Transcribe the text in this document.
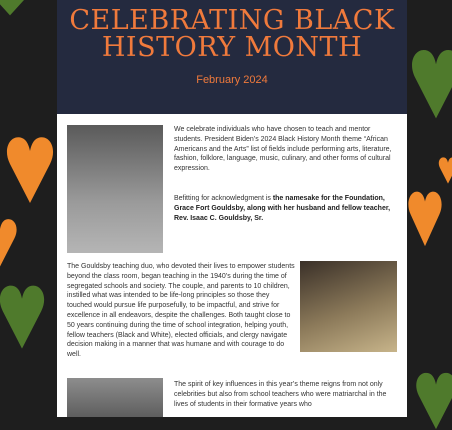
CELEBRATING BLACK
HISTORY MONTH
February 2024
We celebrate individuals who have chosen to teach and mentor students. President Biden’s 2024 Black History Month theme “African Americans and the Arts” list of fields include performing arts, literature, fashion, folklore, language, music, culinary, and other forms of cultural expression.
Befitting for acknowledgment is the namesake for the Foundation, Grace Fort Gouldsby, along with her husband and fellow teacher, Rev. Isaac C. Gouldsby, Sr.
The Gouldsby teaching duo, who devoted their lives to empower students beyond the class room, began teaching in the 1940’s during the time of segregated schools and society. The couple, and parents to 10 children, instilled what was intended to be life-long principles so those they touched would pursue life purposefully, to be impactful, and strive for excellence in all endeavors, despite the challenges. Both taught close to 50 years continuing during the time of school integration, helping youth, fellow teachers (Black and White), elected officials, and clergy navigate decision making in a manner that was humane and with courage to do well.
The spirit of key influences in this year’s theme reigns from not only celebrities but also from school teachers who were matriarchal in the lives of students in their formative years who
